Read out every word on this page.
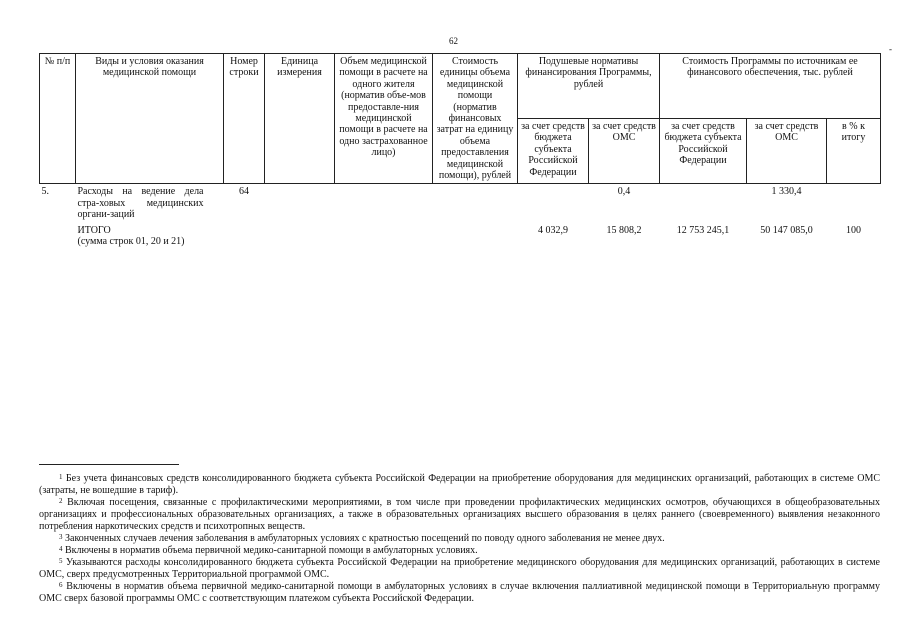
62
-
№ п/п	Виды и условия оказания медицинской помощи	Номер строки	Единица измерения	Объем медицинской помощи в расчете на одного жителя (норматив объе-мов предоставле-ния медицинской помощи в расчете на одно застрахованное лицо)	Стоимость единицы объема медицинской помощи (норматив финансовых затрат на единицу объема предоставления медицинской помощи), рублей	Подушевые нормативы финансирования Программы, рублей		Стоимость Программы по источникам ее финансового обеспечения, тыс. рублей		
						за счет средств бюджета субъекта Российской Федерации	за счет средств ОМС	за счет средств бюджета субъекта Российской Федерации	за счет средств ОМС	в % к итогу
5.	Расходы на ведение дела стра-ховых медицинских органи-заций	64					0,4		1 330,4	

	ИТОГО
(сумма строк 01, 20 и 21)					4 032,9	15 808,2	12 753 245,1	50 147 085,0	100

$^1$ Без учета финансовых средств консолидированного бюджета субъекта Российской Федерации на приобретение оборудования для медицинских организаций, работающих в системе ОМС (затраты, не вошедшие в тариф).

$^2$ Включая посещения, связанные с профилактическими мероприятиями, в том числе при проведении профилактических медицинских осмотров, обучающихся в общеобразовательных организациях и профессиональных образовательных организациях, а также в образовательных организациях высшего образования в целях раннего (своевременного) выявления незаконного потребления наркотических средств и психотропных веществ.

$^3$ Законченных случаев лечения заболевания в амбулаторных условиях с кратностью посещений по поводу одного заболевания не менее двух.

$^4$ Включены в норматив объема первичной медико-санитарной помощи в амбулаторных условиях.

$^5$ Указываются расходы консолидированного бюджета субъекта Российской Федерации на приобретение медицинского оборудования для медицинских организаций, работающих в системе ОМС, сверх предусмотренных Территориальной программой ОМС.

$^6$ Включены в норматив объема первичной медико-санитарной помощи в амбулаторных условиях в случае включения паллиативной медицинской помощи в Территориальную программу ОМС сверх базовой программы ОМС с соответствующим платежом субъекта Российской Федерации.
